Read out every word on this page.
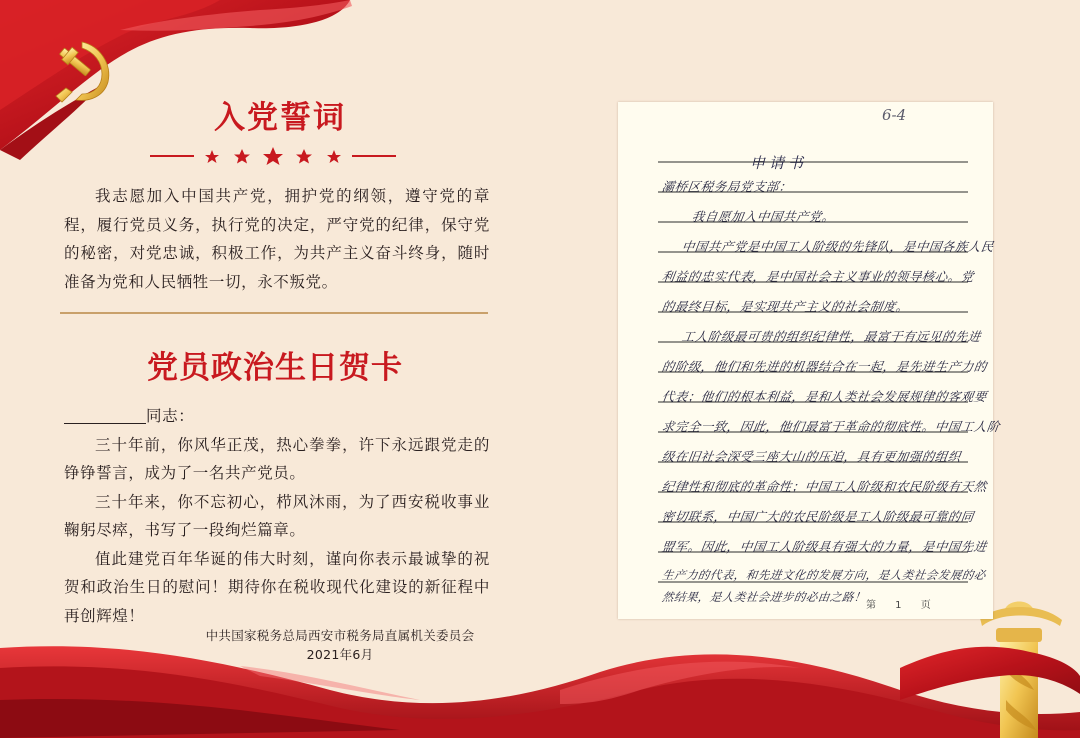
入党誓词
我志愿加入中国共产党，拥护党的纲领，遵守党的章程，履行党员义务，执行党的决定，严守党的纪律，保守党的秘密，对党忠诚，积极工作，为共产主义奋斗终身，随时准备为党和人民牺牲一切，永不叛党。
党员政治生日贺卡
同志：

三十年前，你风华正茂，热心拳拳，许下永远跟党走的铮铮誓言，成为了一名共产党员。

三十年来，你不忘初心，栉风沐雨，为了西安税收事业鞠躬尽瘁，书写了一段绚烂篇章。

值此建党百年华诞的伟大时刻，谨向你表示最诚挚的祝贺和政治生日的慰问！期待你在税收现代化建设的新征程中再创辉煌！

中共国家税务总局西安市税务局直属机关委员会
2021年6月
6-4
申请书
灞桥区税务局党支部：
我自愿加入中国共产党。
中国共产党是中国工人阶级的先锋队，是中国各族人民
利益的忠实代表，是中国社会主义事业的领导核心。党
的最终目标，是实现共产主义的社会制度。
工人阶级最可贵的组织纪律性，最富于有远见的先进
的阶级，他们和先进的机器结合在一起，是先进生产力的
代表；他们的根本利益，是和人类社会发展规律的客观要
求完全一致，因此，他们最富于革命的彻底性。中国工人阶
级在旧社会深受三座大山的压迫，具有更加强的组织
纪律性和彻底的革命性；中国工人阶级和农民阶级有天然
密切联系，中国广大的农民阶级是工人阶级最可靠的同
盟军。因此，中国工人阶级具有强大的力量，是中国先进
生产力的代表，和先进文化的发展方向，是人类社会发展的必
然结果，是人类社会进步的必由之路！
第 1 页
